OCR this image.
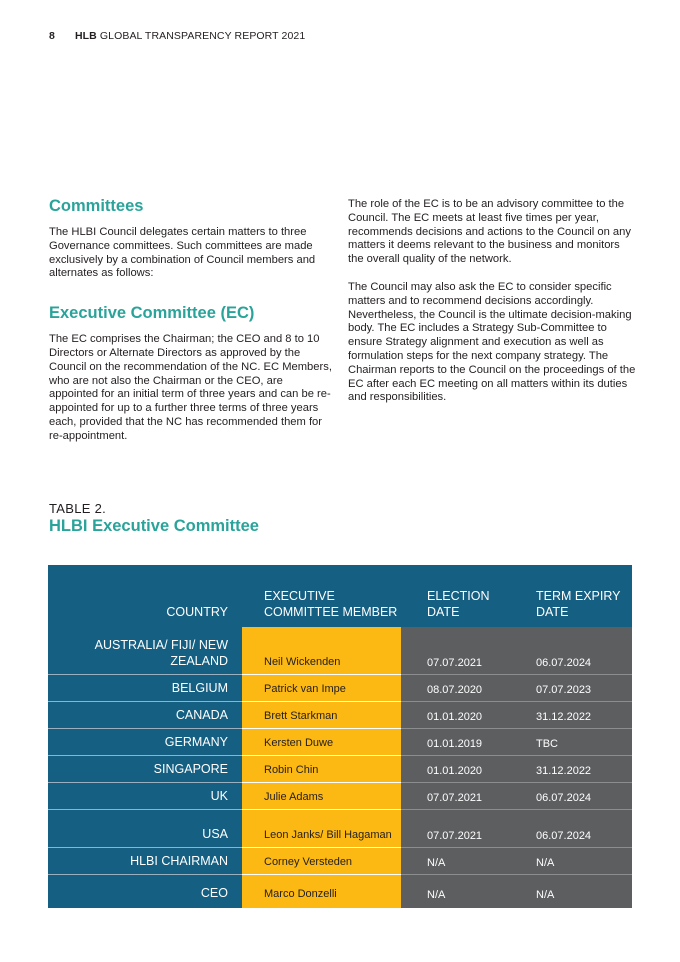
8 HLB GLOBAL TRANSPARENCY REPORT 2021
Committees

The HLBI Council delegates certain matters to three Governance committees. Such committees are made exclusively by a combination of Council members and alternates as follows:

Executive Committee (EC)

The EC comprises the Chairman; the CEO and 8 to 10 Directors or Alternate Directors as approved by the Council on the recommendation of the NC. EC Members, who are not also the Chairman or the CEO, are appointed for an initial term of three years and can be re-appointed for up to a further three terms of three years each, provided that the NC has recommended them for re-appointment.

The role of the EC is to be an advisory committee to the Council. The EC meets at least five times per year, recommends decisions and actions to the Council on any matters it deems relevant to the business and monitors the overall quality of the network.

The Council may also ask the EC to consider specific matters and to recommend decisions accordingly. Nevertheless, the Council is the ultimate decision-making body. The EC includes a Strategy Sub-Committee to ensure Strategy alignment and execution as well as formulation steps for the next company strategy. The Chairman reports to the Council on the proceedings of the EC after each EC meeting on all matters within its duties and responsibilities.

TABLE 2.
HLBI Executive Committee
COUNTRY	EXECUTIVE COMMITTEE MEMBER	ELECTION DATE	TERM EXPIRY DATE
AUSTRALIA/ FIJI/ NEW ZEALAND	Neil Wickenden	07.07.2021	06.07.2024
BELGIUM	Patrick van Impe	08.07.2020	07.07.2023
CANADA	Brett Starkman	01.01.2020	31.12.2022
GERMANY	Kersten Duwe	01.01.2019	TBC
SINGAPORE	Robin Chin	01.01.2020	31.12.2022
UK	Julie Adams	07.07.2021	06.07.2024
USA	Leon Janks/ Bill Hagaman	07.07.2021	06.07.2024
HLBI CHAIRMAN	Corney Versteden	N/A	N/A
CEO	Marco Donzelli	N/A	N/A
